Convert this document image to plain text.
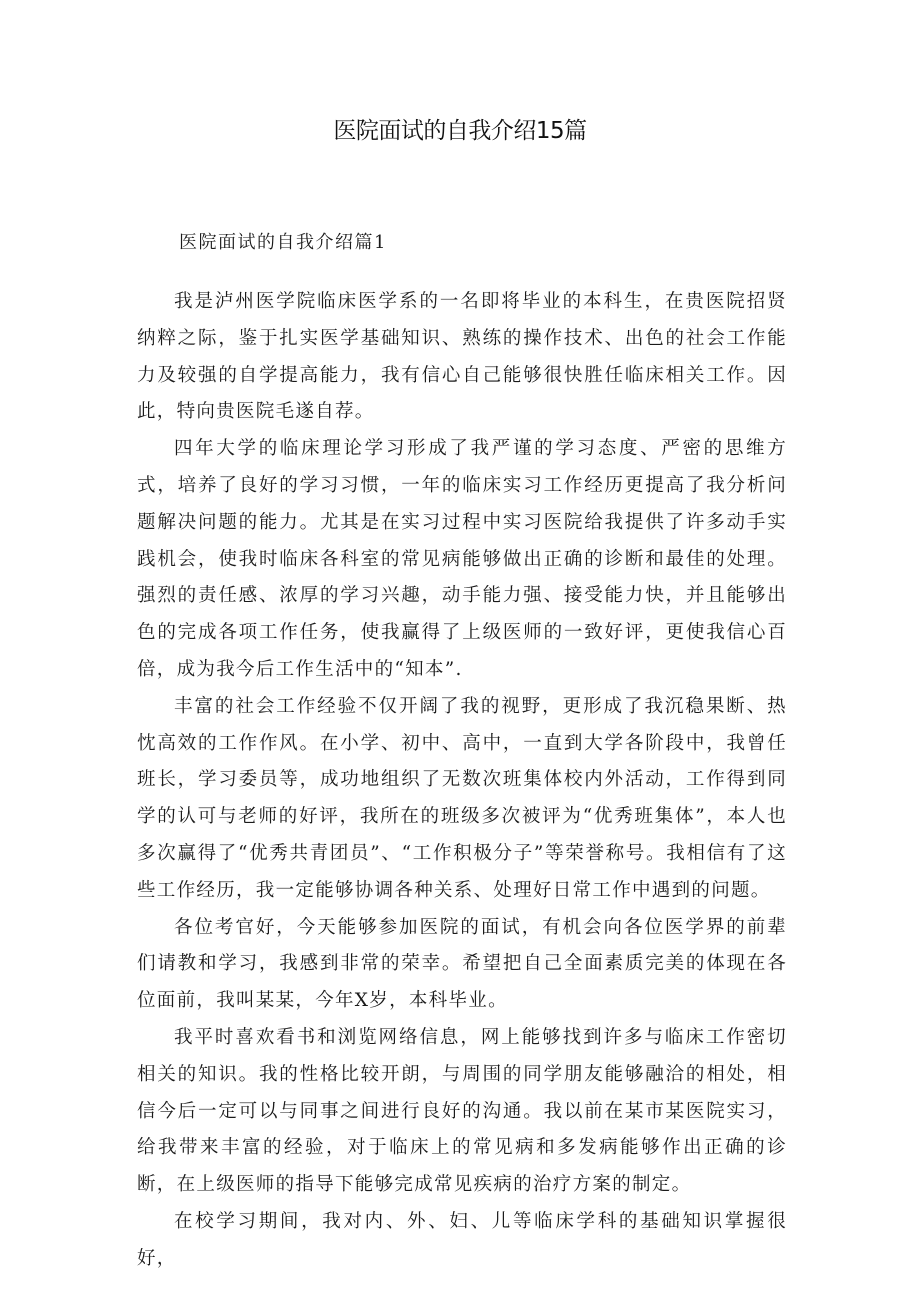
医院面试的自我介绍15篇
医院面试的自我介绍篇1

我是泸州医学院临床医学系的一名即将毕业的本科生，在贵医院招贤纳粹之际，鉴于扎实医学基础知识、熟练的操作技术、出色的社会工作能力及较强的自学提高能力，我有信心自己能够很快胜任临床相关工作。因此，特向贵医院毛遂自荐。

四年大学的临床理论学习形成了我严谨的学习态度、严密的思维方式，培养了良好的学习习惯，一年的临床实习工作经历更提高了我分析问题解决问题的能力。尤其是在实习过程中实习医院给我提供了许多动手实践机会，使我时临床各科室的常见病能够做出正确的诊断和最佳的处理。强烈的责任感、浓厚的学习兴趣，动手能力强、接受能力快，并且能够出色的完成各项工作任务，使我赢得了上级医师的一致好评，更使我信心百倍，成为我今后工作生活中的“知本”.

丰富的社会工作经验不仅开阔了我的视野，更形成了我沉稳果断、热忱高效的工作作风。在小学、初中、高中，一直到大学各阶段中，我曾任班长，学习委员等，成功地组织了无数次班集体校内外活动，工作得到同学的认可与老师的好评，我所在的班级多次被评为“优秀班集体”，本人也多次赢得了“优秀共青团员”、“工作积极分子”等荣誉称号。我相信有了这些工作经历，我一定能够协调各种关系、处理好日常工作中遇到的问题。

各位考官好，今天能够参加医院的面试，有机会向各位医学界的前辈们请教和学习，我感到非常的荣幸。希望把自己全面素质完美的体现在各位面前，我叫某某，今年X岁，本科毕业。

我平时喜欢看书和浏览网络信息，网上能够找到许多与临床工作密切相关的知识。我的性格比较开朗，与周围的同学朋友能够融洽的相处，相信今后一定可以与同事之间进行良好的沟通。我以前在某市某医院实习，给我带来丰富的经验，对于临床上的常见病和多发病能够作出正确的诊断，在上级医师的指导下能够完成常见疾病的治疗方案的制定。

在校学习期间，我对内、外、妇、儿等临床学科的基础知识掌握很好，
